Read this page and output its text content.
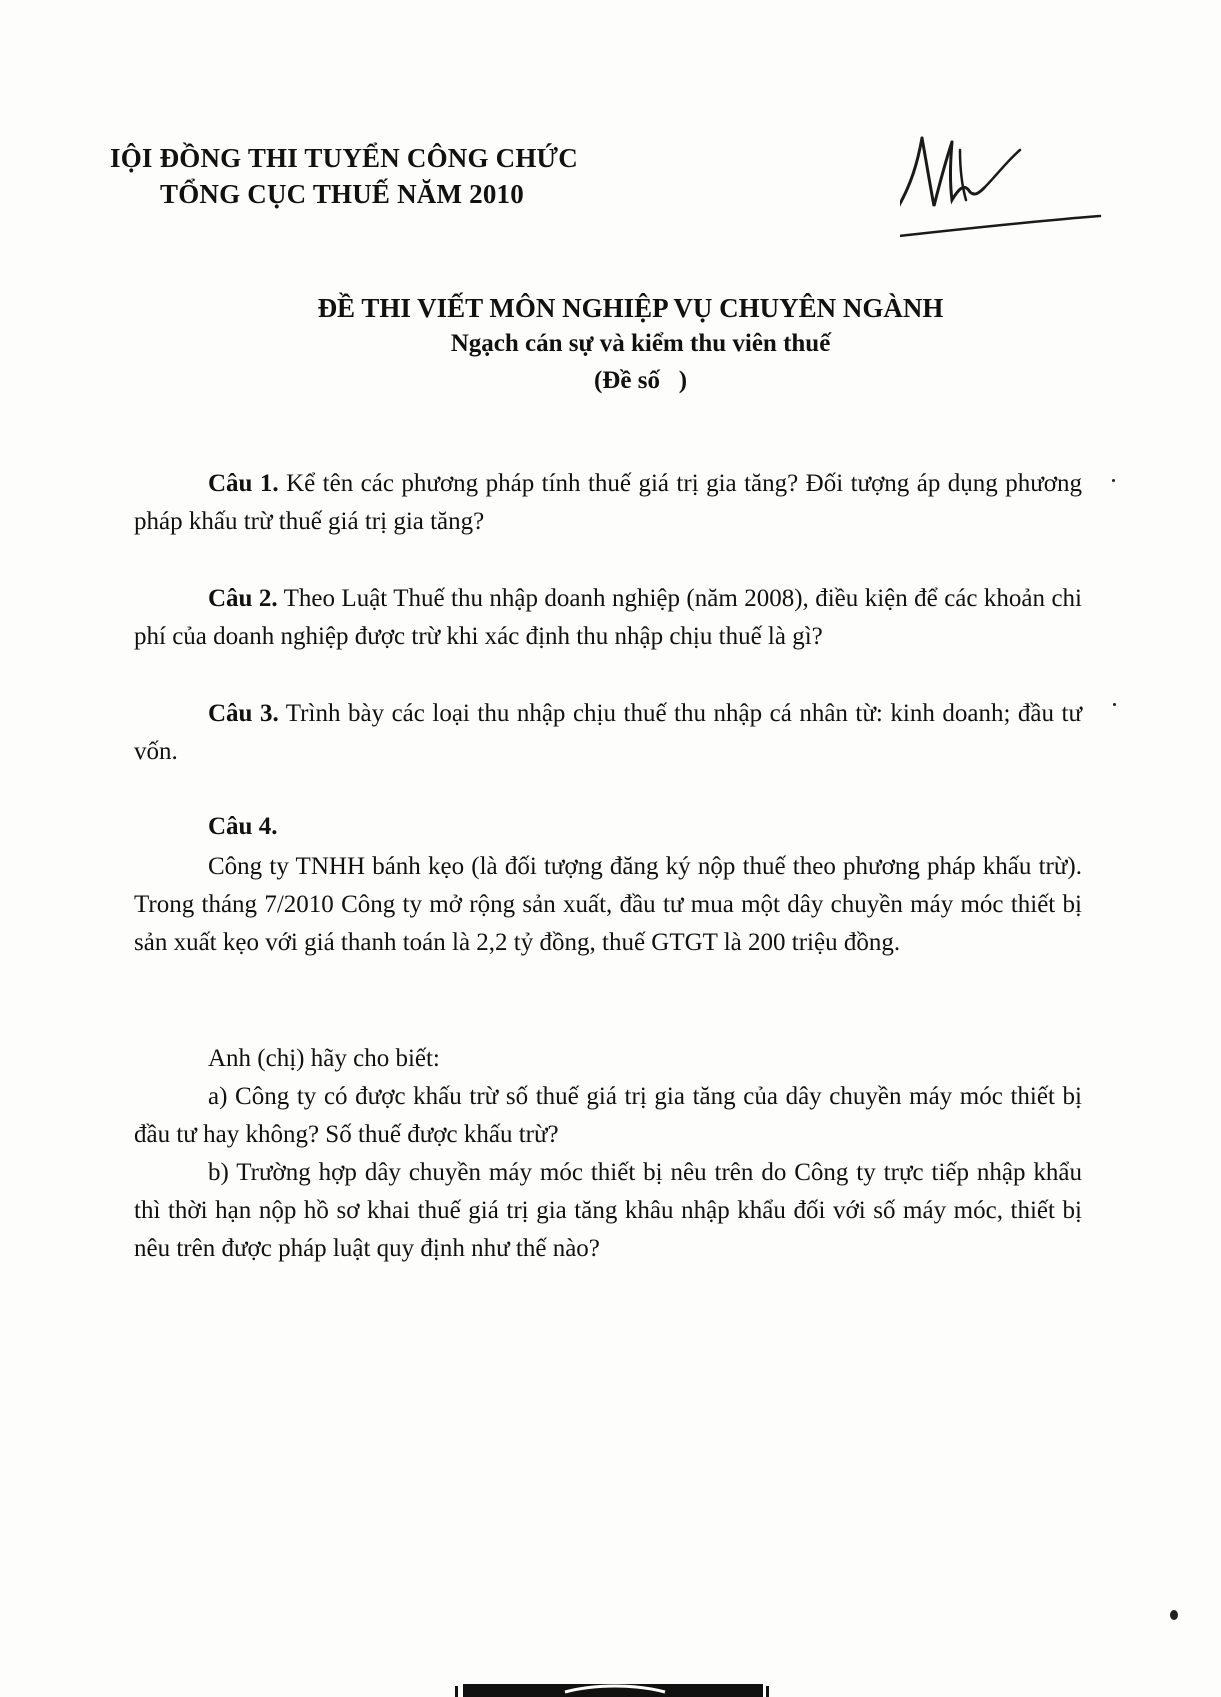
IỘI ĐỒNG THI TUYỂN CÔNG CHỨC
TỔNG CỤC THUẾ NĂM 2010
ĐỀ THI VIẾT MÔN NGHIỆP VỤ CHUYÊN NGÀNH
Ngạch cán sự và kiểm thu viên thuế
(Đề số   )

Câu 1. Kể tên các phương pháp tính thuế giá trị gia tăng? Đối tượng áp dụng phương pháp khấu trừ thuế giá trị gia tăng?

Câu 2. Theo Luật Thuế thu nhập doanh nghiệp (năm 2008), điều kiện để các khoản chi phí của doanh nghiệp được trừ khi xác định thu nhập chịu thuế là gì?

Câu 3. Trình bày các loại thu nhập chịu thuế thu nhập cá nhân từ: kinh doanh; đầu tư vốn.

Câu 4.

Công ty TNHH bánh kẹo (là đối tượng đăng ký nộp thuế theo phương pháp khấu trừ). Trong tháng 7/2010 Công ty mở rộng sản xuất, đầu tư mua một dây chuyền máy móc thiết bị sản xuất kẹo với giá thanh toán là 2,2 tỷ đồng, thuế GTGT là 200 triệu đồng.

Anh (chị) hãy cho biết:

a) Công ty có được khấu trừ số thuế giá trị gia tăng của dây chuyền máy móc thiết bị đầu tư hay không? Số thuế được khấu trừ?

b) Trường hợp dây chuyền máy móc thiết bị nêu trên do Công ty trực tiếp nhập khẩu thì thời hạn nộp hồ sơ khai thuế giá trị gia tăng khâu nhập khẩu đối với số máy móc, thiết bị nêu trên được pháp luật quy định như thế nào?
